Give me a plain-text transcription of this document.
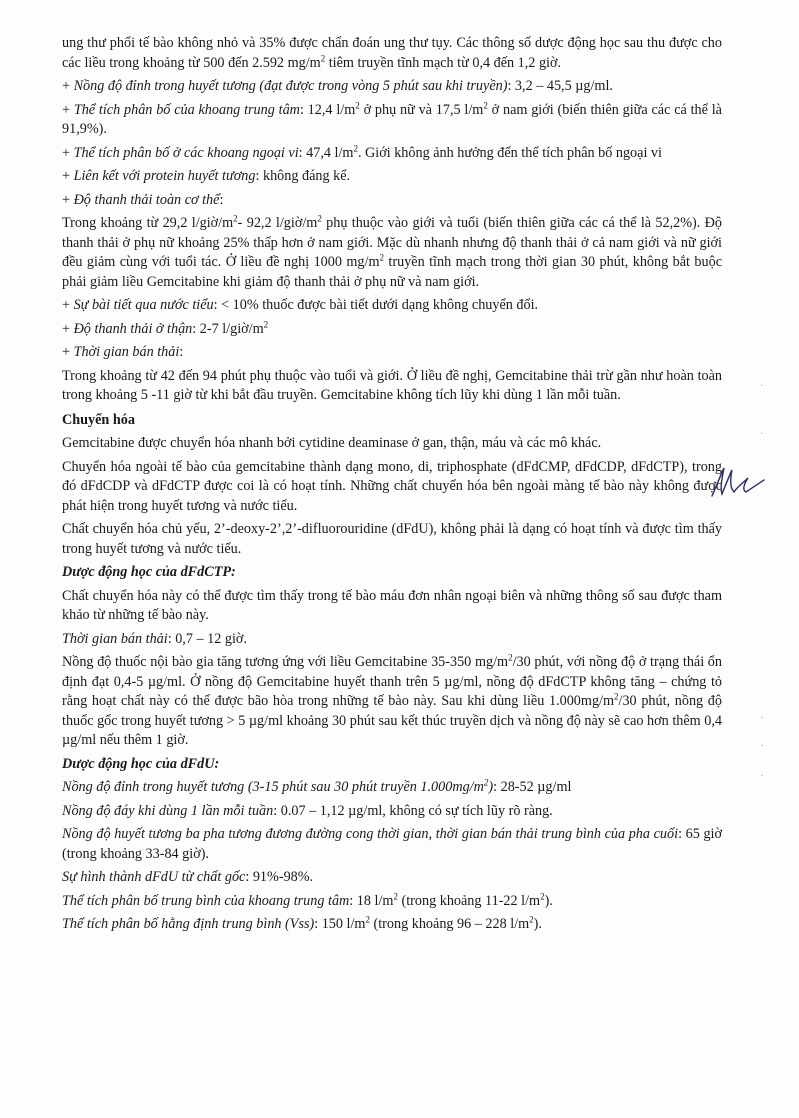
ung thư phổi tế bào không nhỏ và 35% được chẩn đoán ung thư tụy. Các thông số dược động học sau thu được cho các liều trong khoảng từ 500 đến 2.592 $mg/m^2$ tiêm truyền tĩnh mạch từ 0,4 đến 1,2 giờ.

+ Nồng độ đỉnh trong huyết tương (đạt được trong vòng 5 phút sau khi truyền): 3,2 – 45,5 µg/ml.

+ Thể tích phân bố của khoang trung tâm: 12,4 $l/m^2$ ở phụ nữ và 17,5 $l/m^2$ ở nam giới (biến thiên giữa các cá thể là 91,9%).

+ Thể tích phân bố ở các khoang ngoại vi: 47,4 $l/m^2$. Giới không ảnh hưởng đến thể tích phân bố ngoại vi

+ Liên kết với protein huyết tương: không đáng kể.

+ Độ thanh thải toàn cơ thể:

Trong khoảng từ 29,2 $l/giờ/m^2-$ 92,2 $l/giờ/m^2$ phụ thuộc vào giới và tuổi (biến thiên giữa các cá thể là 52,2%). Độ thanh thải ở phụ nữ khoảng 25% thấp hơn ở nam giới. Mặc dù nhanh nhưng độ thanh thải ở cả nam giới và nữ giới đều giảm cùng với tuổi tác. Ở liều đề nghị 1000 $mg/m^2$ truyền tĩnh mạch trong thời gian 30 phút, không bắt buộc phải giảm liều Gemcitabine khi giảm độ thanh thải ở phụ nữ và nam giới.

+ Sự bài tiết qua nước tiểu: < 10% thuốc được bài tiết dưới dạng không chuyển đổi.

+ Độ thanh thải ở thận: 2-7 $l/giờ/m^2$

+ Thời gian bán thải:

Trong khoảng từ 42 đến 94 phút phụ thuộc vào tuổi và giới. Ở liều đề nghị, Gemcitabine thải trừ gần như hoàn toàn trong khoảng 5 -11 giờ từ khi bắt đầu truyền. Gemcitabine không tích lũy khi dùng 1 lần mỗi tuần.

Chuyển hóa

Gemcitabine được chuyển hóa nhanh bởi cytidine deaminase ở gan, thận, máu và các mô khác.

Chuyển hóa ngoài tế bào của gemcitabine thành dạng mono, di, triphosphate (dFdCMP, dFdCDP, dFdCTP), trong đó dFdCDP và dFdCTP được coi là có hoạt tính. Những chất chuyển hóa bên ngoài màng tế bào này không được phát hiện trong huyết tương và nước tiểu.

Chất chuyển hóa chủ yếu, 2’-deoxy-2’,2’-difluorouridine (dFdU), không phải là dạng có hoạt tính và được tìm thấy trong huyết tương và nước tiểu.

Dược động học của dFdCTP:

Chất chuyển hóa này có thể được tìm thấy trong tế bào máu đơn nhân ngoại biên và những thông số sau được tham khảo từ những tế bào này.

Thời gian bán thải: 0,7 – 12 giờ.

Nồng độ thuốc nội bào gia tăng tương ứng với liều Gemcitabine 35-350 $mg/m^2/30$ phút, với nồng độ ở trạng thái ổn định đạt 0,4-5 µg/ml. Ở nồng độ Gemcitabine huyết thanh trên 5 µg/ml, nồng độ dFdCTP không tăng – chứng tỏ rằng hoạt chất này có thể được bão hòa trong những tế bào này. Sau khi dùng liều $1.000mg/m^2/30$ phút, nồng độ thuốc gốc trong huyết tương > 5 µg/ml khoảng 30 phút sau kết thúc truyền dịch và nồng độ này sẽ cao hơn thêm 0,4 µg/ml nếu thêm 1 giờ.

Dược động học của dFdU:

Nồng độ đỉnh trong huyết tương (3-15 phút sau 30 phút truyền $1.000mg/m^2$): 28-52 µg/ml

Nồng độ đáy khi dùng 1 lần mỗi tuần: 0.07 – 1,12 µg/ml, không có sự tích lũy rõ ràng.

Nồng độ huyết tương ba pha tương đương đường cong thời gian, thời gian bán thải trung bình của pha cuối: 65 giờ (trong khoảng 33-84 giờ).

Sự hình thành dFdU từ chất gốc: 91%-98%.

Thể tích phân bố trung bình của khoang trung tâm: 18 $l/m^2$ (trong khoảng 11-22 $l/m^2$).

Thể tích phân bố hằng định trung bình (Vss): 150 $l/m^2$ (trong khoảng 96 – 228 $l/m^2$).

·
·
·
·
·
